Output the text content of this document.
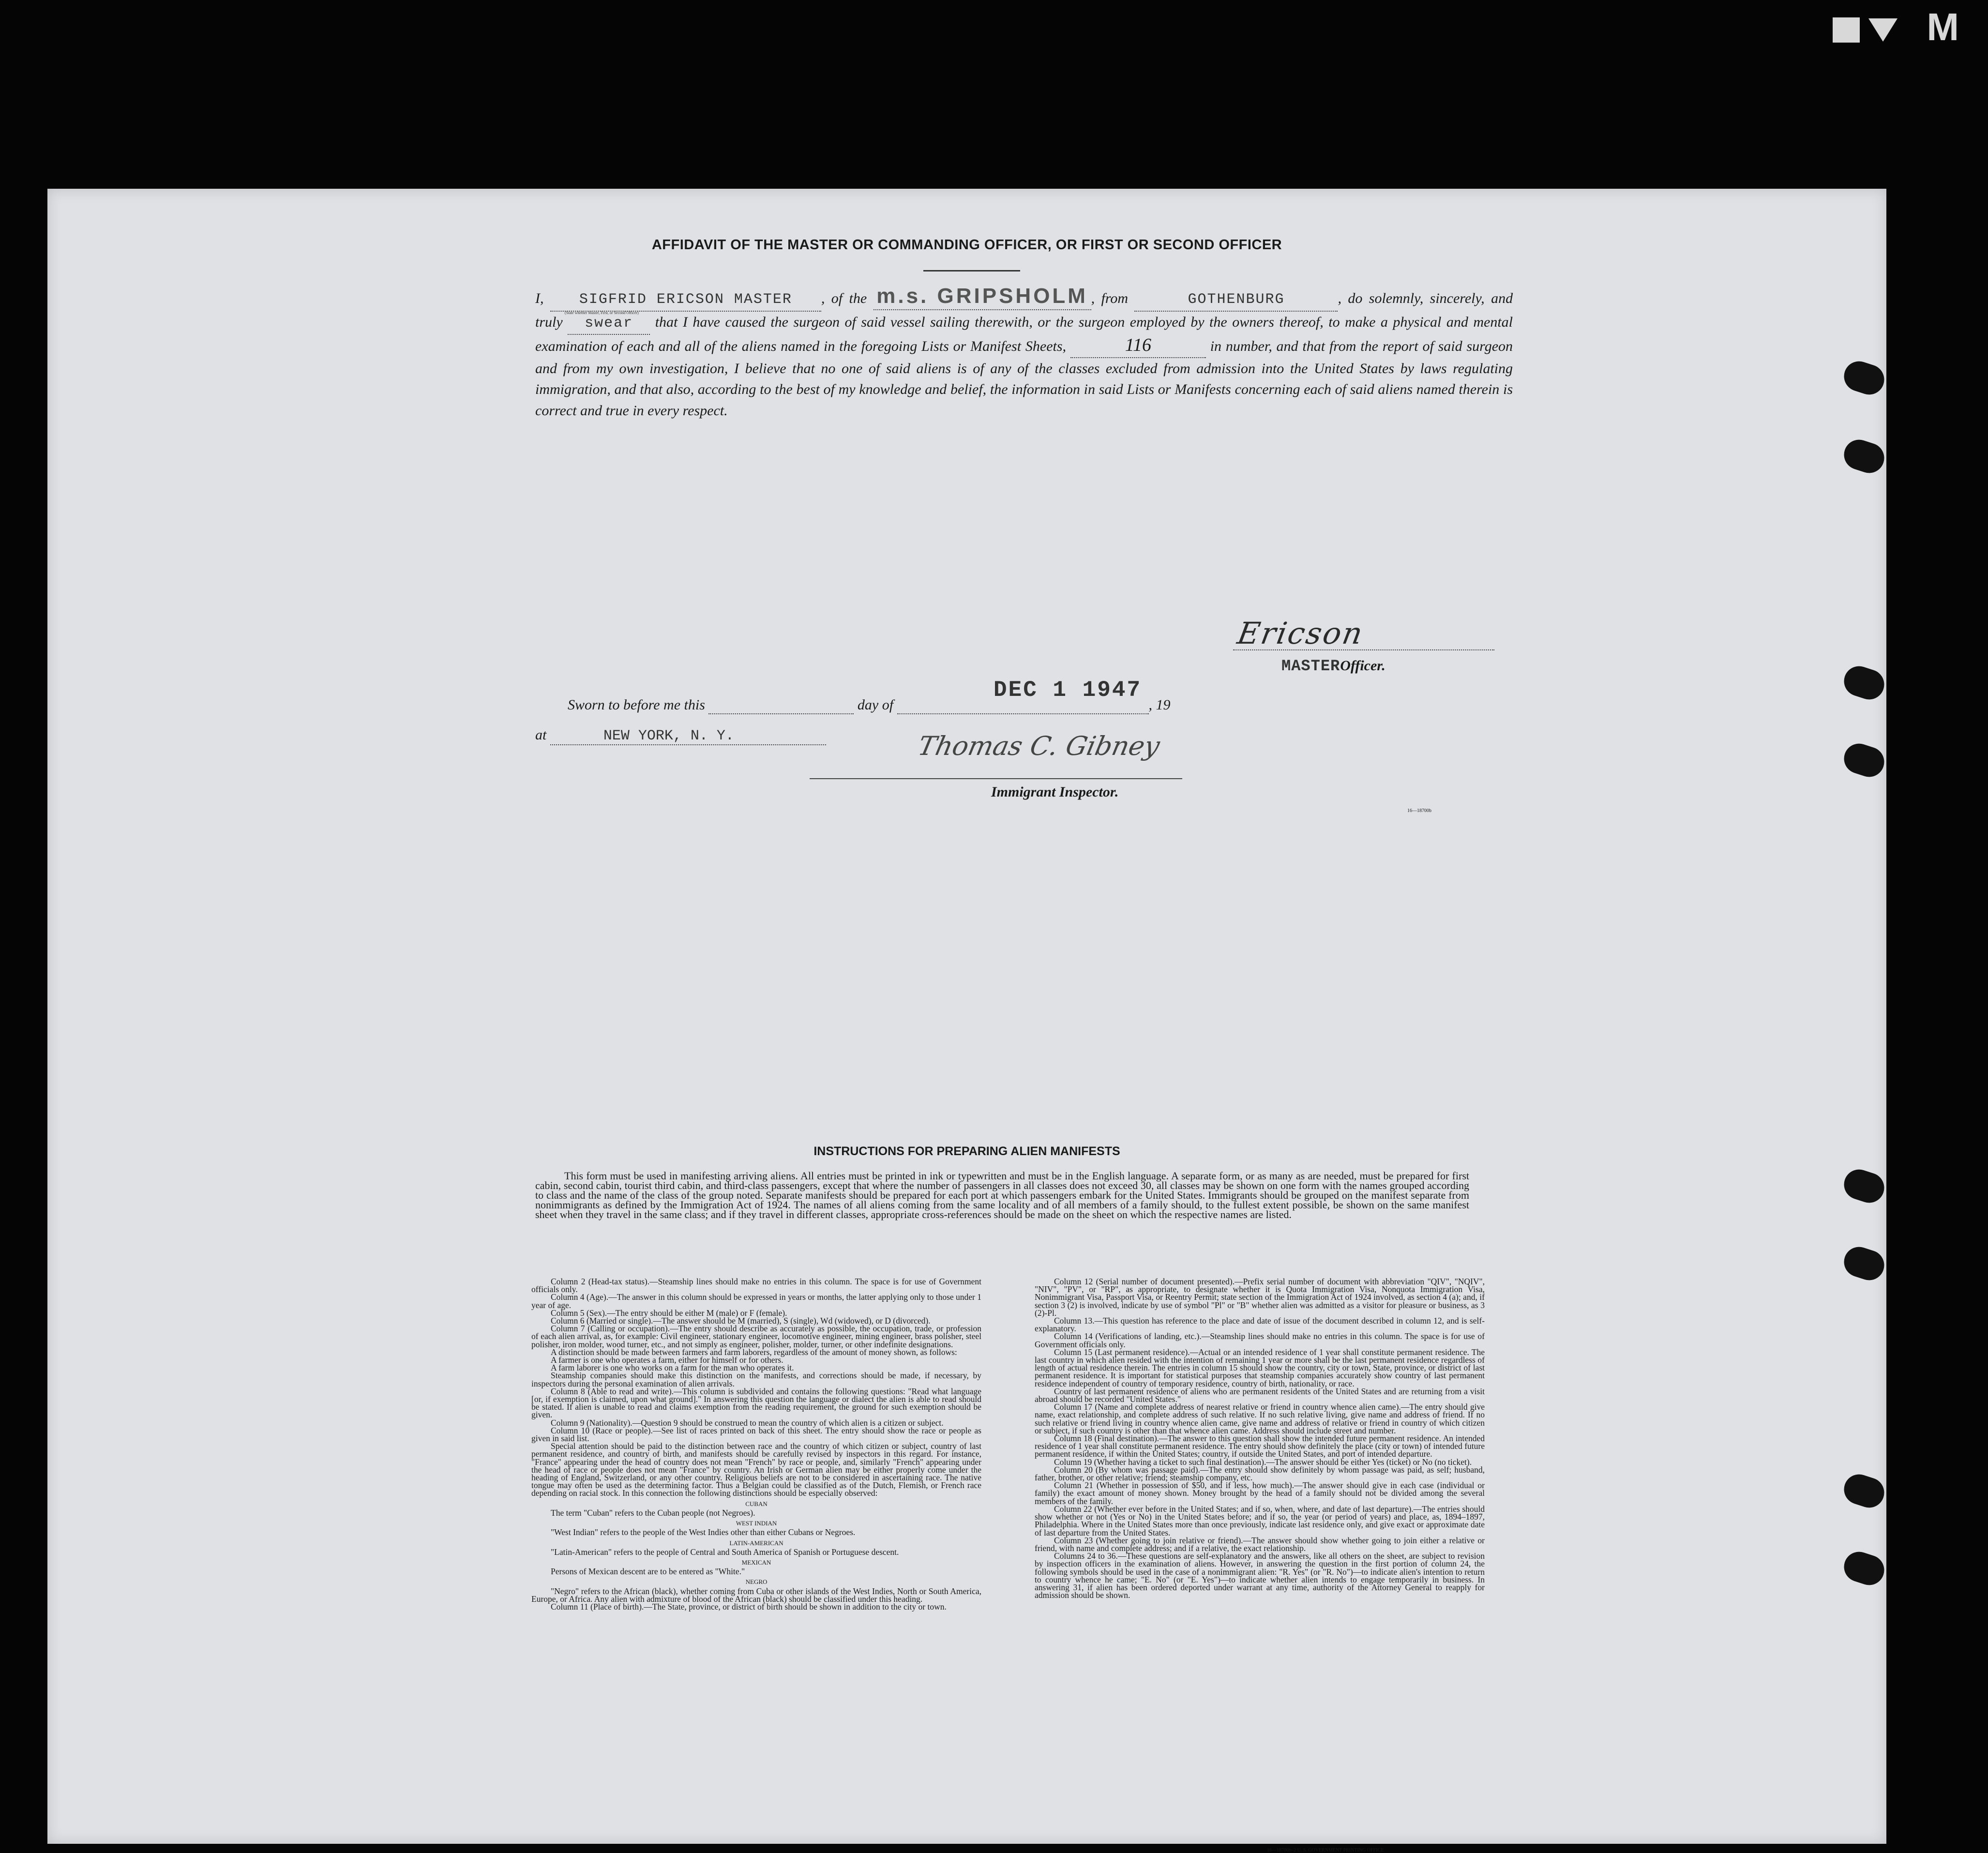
M
AFFIDAVIT OF THE MASTER OR COMMANDING OFFICER, OR FIRST OR SECOND OFFICER
I, SIGFRID ERICSON MASTER
(State whether Master, First, or Second Officer)
, of the m.s. GRIPSHOLM , from	GOTHENBURG	, do solemnly, sincerely, and truly swear that I have caused the surgeon of said vessel sailing therewith, or the surgeon employed by the owners thereof, to make a physical and mental examination of each and all of the aliens named in the foregoing Lists or Manifest Sheets,	116	in number, and that from the report of said surgeon and from my own investigation, I believe that no one of said aliens is of any of the classes excluded from admission into the United States by laws regulating immigration, and that also, according to the best of my knowledge and belief, the information in said Lists or Manifests concerning each of said aliens named therein is correct and true in every respect.
Ericson
MASTEROfficer.
DEC 1 1947
Sworn to before me this	day of	, 19
at	NEW YORK, N. Y.	Thomas C. Gibney
Immigrant Inspector.
16—18700b
INSTRUCTIONS FOR PREPARING ALIEN MANIFESTS
This form must be used in manifesting arriving aliens. All entries must be printed in ink or typewritten and must be in the English language. A separate form, or as many as are needed, must be prepared for first cabin, second cabin, tourist third cabin, and third-class passengers, except that where the number of passengers in all classes does not exceed 30, all classes may be shown on one form with the names grouped according to class and the name of the class of the group noted. Separate manifests should be prepared for each port at which passengers embark for the United States. Immigrants should be grouped on the manifest separate from nonimmigrants as defined by the Immigration Act of 1924. The names of all aliens coming from the same locality and of all members of a family should, to the fullest extent possible, be shown on the same manifest sheet when they travel in the same class; and if they travel in different classes, appropriate cross-references should be made on the sheet on which the respective names are listed.

Column 2 (Head-tax status).—Steamship lines should make no entries in this column. The space is for use of Government officials only.

Column 4 (Age).—The answer in this column should be expressed in years or months, the latter applying only to those under 1 year of age.

Column 5 (Sex).—The entry should be either M (male) or F (female).

Column 6 (Married or single).—The answer should be M (married), S (single), Wd (widowed), or D (divorced).

Column 7 (Calling or occupation).—The entry should describe as accurately as possible, the occupation, trade, or profession of each alien arrival, as, for example: Civil engineer, stationary engineer, locomotive engineer, mining engineer, brass polisher, steel polisher, iron molder, wood turner, etc., and not simply as engineer, polisher, molder, turner, or other indefinite designations.

A distinction should be made between farmers and farm laborers, regardless of the amount of money shown, as follows:

A farmer is one who operates a farm, either for himself or for others.

A farm laborer is one who works on a farm for the man who operates it.

Steamship companies should make this distinction on the manifests, and corrections should be made, if necessary, by inspectors during the personal examination of alien arrivals.

Column 8 (Able to read and write).—This column is subdivided and contains the following questions: "Read what language [or, if exemption is claimed, upon what ground]." In answering this question the language or dialect the alien is able to read should be stated. If alien is unable to read and claims exemption from the reading requirement, the ground for such exemption should be given.

Column 9 (Nationality).—Question 9 should be construed to mean the country of which alien is a citizen or subject.

Column 10 (Race or people).—See list of races printed on back of this sheet. The entry should show the race or people as given in said list.

Special attention should be paid to the distinction between race and the country of which citizen or subject, country of last permanent residence, and country of birth, and manifests should be carefully revised by inspectors in this regard. For instance, "France" appearing under the head of country does not mean "French" by race or people, and, similarly "French" appearing under the head of race or people does not mean "France" by country. An Irish or German alien may be either properly come under the heading of England, Switzerland, or any other country. Religious beliefs are not to be considered in ascertaining race. The native tongue may often be used as the determining factor. Thus a Belgian could be classified as of the Dutch, Flemish, or French race depending on racial stock. In this connection the following distinctions should be especially observed:

CUBAN

The term "Cuban" refers to the Cuban people (not Negroes).

WEST INDIAN

"West Indian" refers to the people of the West Indies other than either Cubans or Negroes.

LATIN-AMERICAN

"Latin-American" refers to the people of Central and South America of Spanish or Portuguese descent.

MEXICAN

Persons of Mexican descent are to be entered as "White."

NEGRO

"Negro" refers to the African (black), whether coming from Cuba or other islands of the West Indies, North or South America, Europe, or Africa. Any alien with admixture of blood of the African (black) should be classified under this heading.

Column 11 (Place of birth).—The State, province, or district of birth should be shown in addition to the city or town.

Column 12 (Serial number of document presented).—Prefix serial number of document with abbreviation "QIV", "NQIV", "NIV", "PV", or "RP", as appropriate, to designate whether it is Quota Immigration Visa, Nonquota Immigration Visa, Nonimmigrant Visa, Passport Visa, or Reentry Permit; state section of the Immigration Act of 1924 involved, as section 4 (a); and, if section 3 (2) is involved, indicate by use of symbol "Pl" or "B" whether alien was admitted as a visitor for pleasure or business, as 3 (2)-Pl.

Column 13.—This question has reference to the place and date of issue of the document described in column 12, and is self-explanatory.

Column 14 (Verifications of landing, etc.).—Steamship lines should make no entries in this column. The space is for use of Government officials only.

Column 15 (Last permanent residence).—Actual or an intended residence of 1 year shall constitute permanent residence. The last country in which alien resided with the intention of remaining 1 year or more shall be the last permanent residence regardless of length of actual residence therein. The entries in column 15 should show the country, city or town, State, province, or district of last permanent residence. It is important for statistical purposes that steamship companies accurately show country of last permanent residence independent of country of temporary residence, country of birth, nationality, or race.

Country of last permanent residence of aliens who are permanent residents of the United States and are returning from a visit abroad should be recorded "United States."

Column 17 (Name and complete address of nearest relative or friend in country whence alien came).—The entry should give name, exact relationship, and complete address of such relative. If no such relative living, give name and address of friend. If no such relative or friend living in country whence alien came, give name and address of relative or friend in country of which citizen or subject, if such country is other than that whence alien came. Address should include street and number.

Column 18 (Final destination).—The answer to this question shall show the intended future permanent residence. An intended residence of 1 year shall constitute permanent residence. The entry should show definitely the place (city or town) of intended future permanent residence, if within the United States; country, if outside the United States, and port of intended departure.

Column 19 (Whether having a ticket to such final destination).—The answer should be either Yes (ticket) or No (no ticket).

Column 20 (By whom was passage paid).—The entry should show definitely by whom passage was paid, as self; husband, father, brother, or other relative; friend; steamship company, etc.

Column 21 (Whether in possession of $50, and if less, how much).—The answer should give in each case (individual or family) the exact amount of money shown. Money brought by the head of a family should not be divided among the several members of the family.

Column 22 (Whether ever before in the United States; and if so, when, where, and date of last departure).—The entries should show whether or not (Yes or No) in the United States before; and if so, the year (or period of years) and place, as, 1894–1897, Philadelphia. Where in the United States more than once previously, indicate last residence only, and give exact or approximate date of last departure from the United States.

Column 23 (Whether going to join relative or friend).—The answer should show whether going to join either a relative or friend, with name and complete address; and if a relative, the exact relationship.

Columns 24 to 36.—These questions are self-explanatory and the answers, like all others on the sheet, are subject to revision by inspection officers in the examination of aliens. However, in answering the question in the first portion of column 24, the following symbols should be used in the case of a nonimmigrant alien: "R. Yes" (or "R. No")—to indicate alien's intention to return to country whence he came; "E. No" (or "E. Yes")—to indicate whether alien intends to engage temporarily in business. In answering 31, if alien has been ordered deported under warrant at any time, authority of the Attorney General to reapply for admission should be shown.

16—18700b–2 U. S. GOVERNMENT PRINTING OFFICE
